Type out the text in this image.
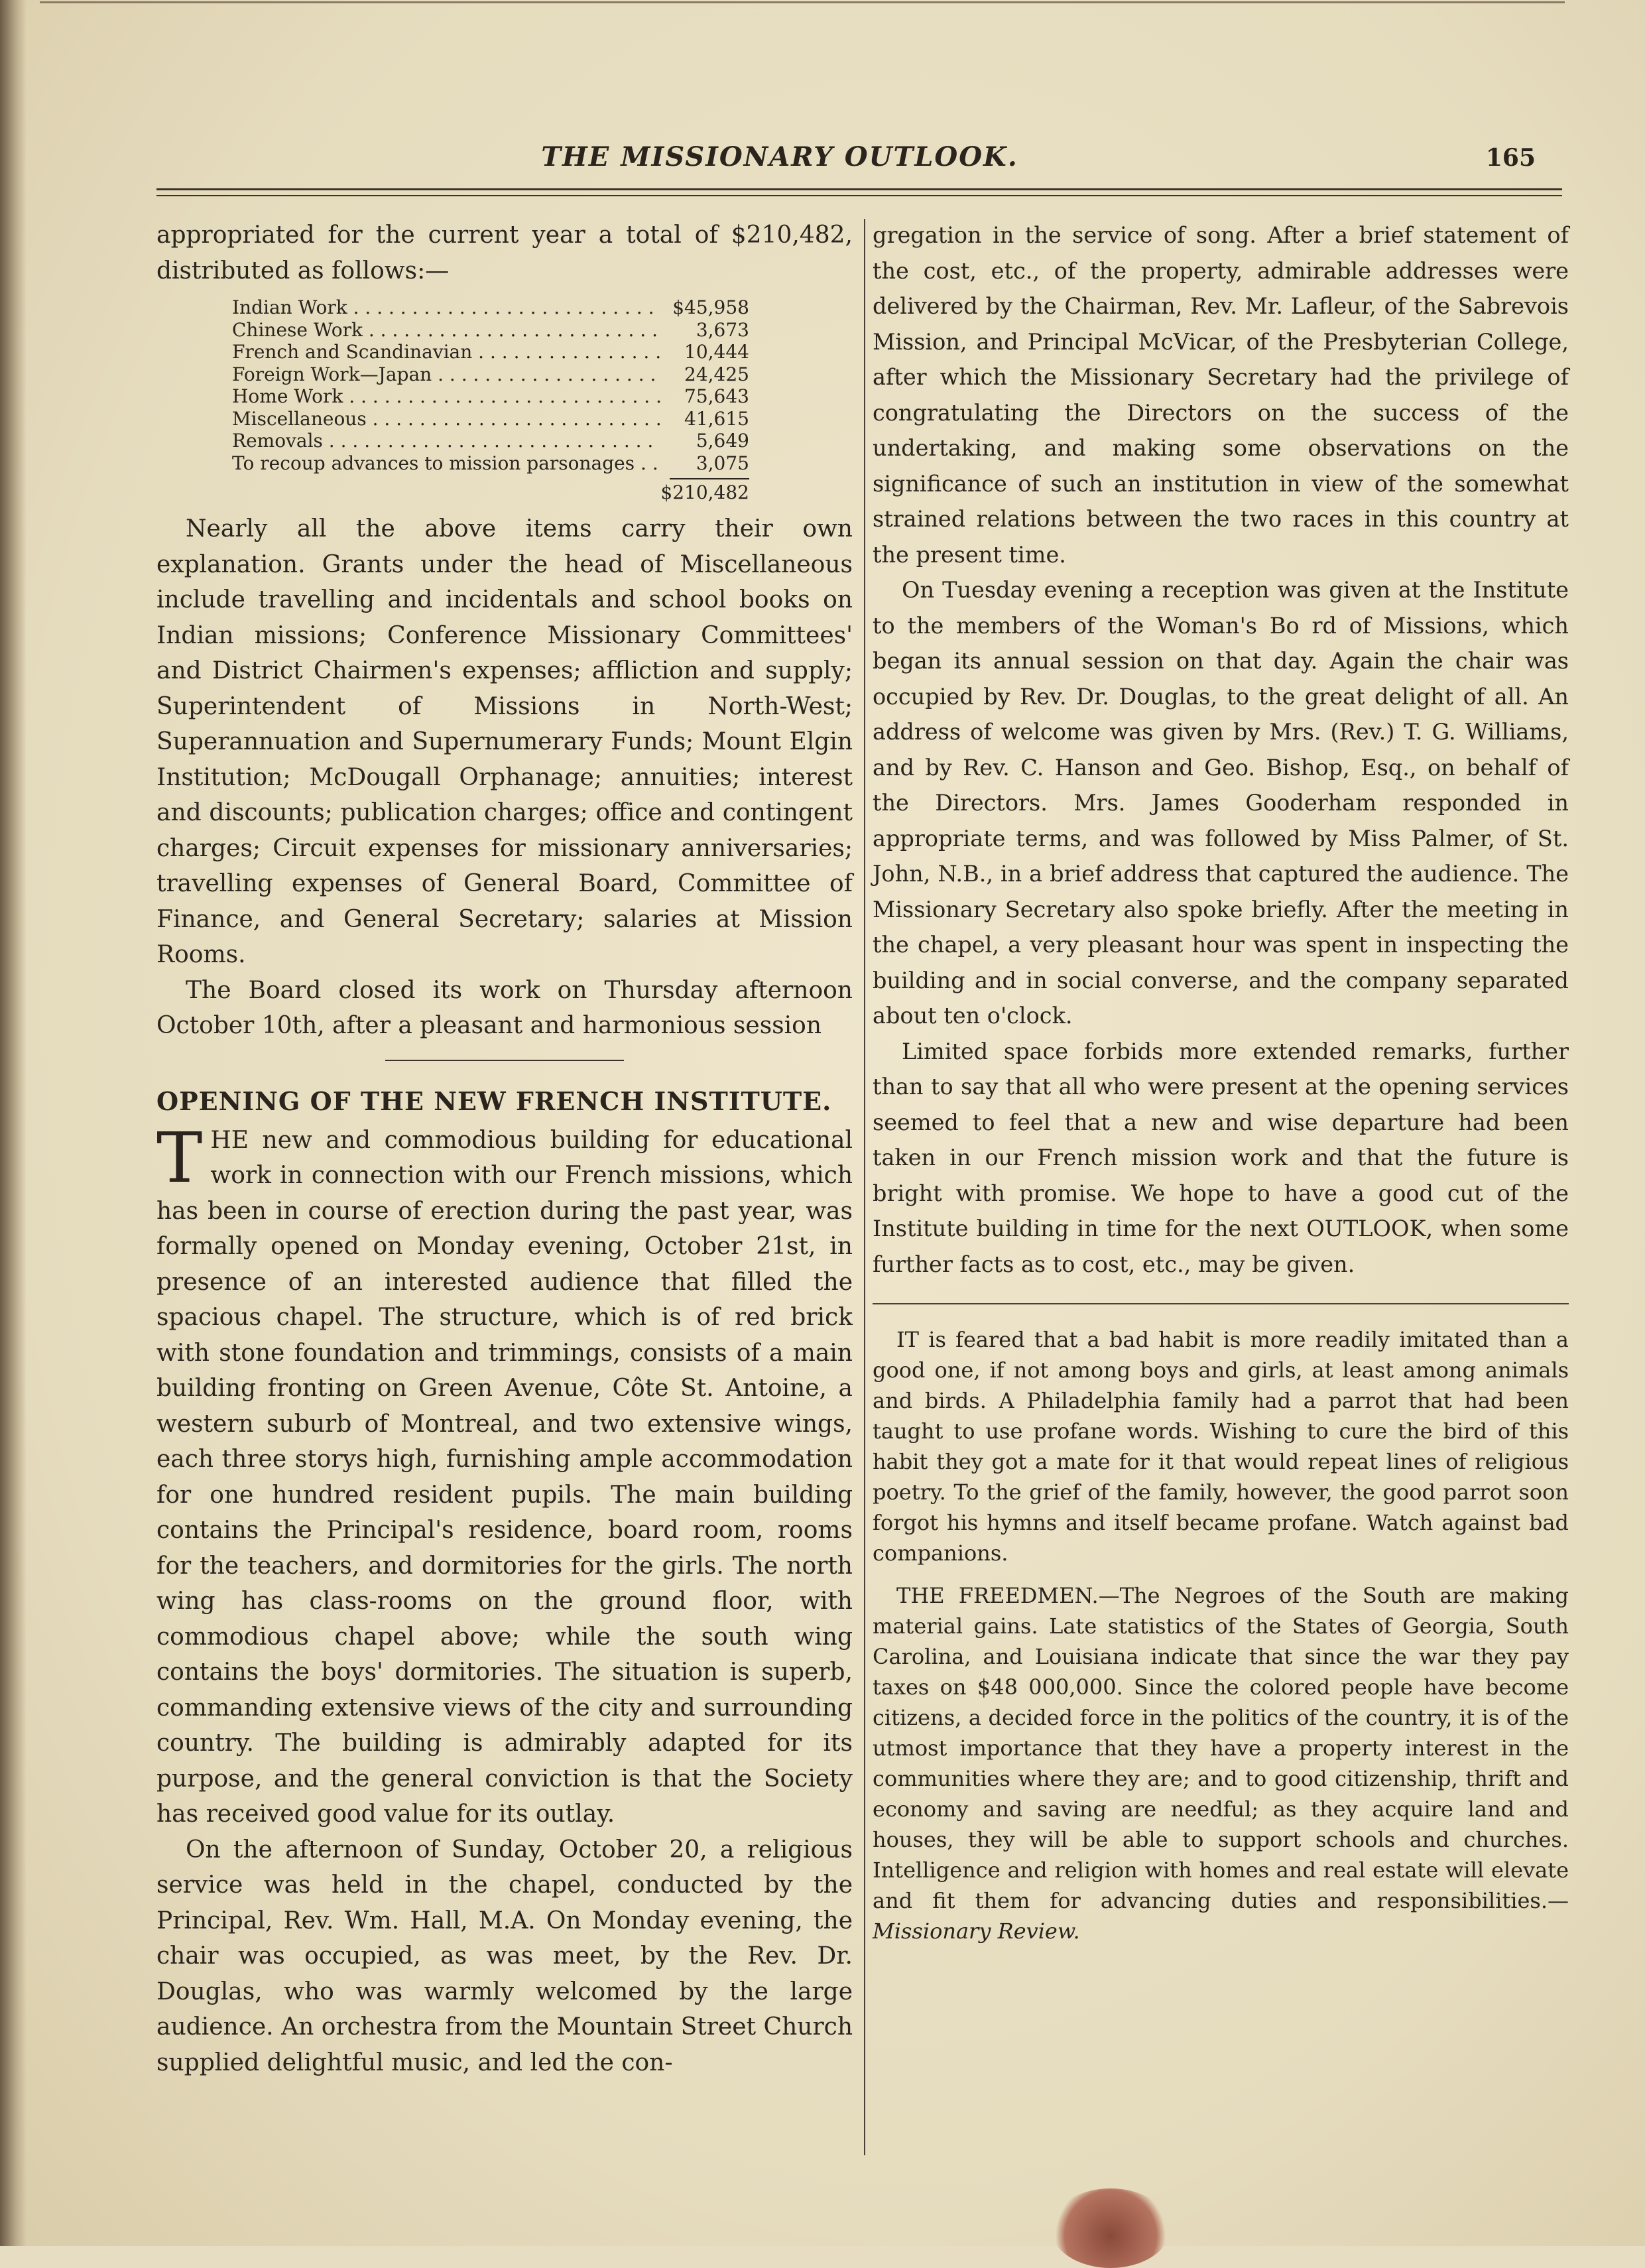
THE MISSIONARY OUTLOOK.	165

appropriated for the current year a total of $210,482, distributed as follows:—

Indian Work . . .	$45,958
Chinese Work . . .	3,673
French and Scandinavian . . .	10,444
Foreign Work—Japan . . .	24,425
Home Work . . .	75,643
Miscellaneous . . .	41,615
Removals . . .	5,649
To recoup advances to mission parsonages . . .	3,075
$210,482

Nearly all the above items carry their own explanation. Grants under the head of Miscellaneous include travelling and incidentals and school books on Indian missions; Conference Missionary Committees' and District Chairmen's expenses; affliction and supply; Superintendent of Missions in North-West; Superannuation and Supernumerary Funds; Mount Elgin Institution; McDougall Orphanage; annuities; interest and discounts; publication charges; office and contingent charges; Circuit expenses for missionary anniversaries; travelling expenses of General Board, Committee of Finance, and General Secretary; salaries at Mission Rooms.

The Board closed its work on Thursday afternoon October 10th, after a pleasant and harmonious session

OPENING OF THE NEW FRENCH INSTITUTE.

THE new and commodious building for educational work in connection with our French missions, which has been in course of erection during the past year, was formally opened on Monday evening, October 21st, in presence of an interested audience that filled the spacious chapel. The structure, which is of red brick with stone foundation and trimmings, consists of a main building fronting on Green Avenue, Côte St. Antoine, a western suburb of Montreal, and two extensive wings, each three storys high, furnishing ample accommodation for one hundred resident pupils. The main building contains the Principal's residence, board room, rooms for the teachers, and dormitories for the girls. The north wing has class-rooms on the ground floor, with commodious chapel above; while the south wing contains the boys' dormitories. The situation is superb, commanding extensive views of the city and surrounding country. The building is admirably adapted for its purpose, and the general conviction is that the Society has received good value for its outlay.

On the afternoon of Sunday, October 20, a religious service was held in the chapel, conducted by the Principal, Rev. Wm. Hall, M.A. On Monday evening, the chair was occupied, as was meet, by the Rev. Dr. Douglas, who was warmly welcomed by the large audience. An orchestra from the Mountain Street Church supplied delightful music, and led the con-

gregation in the service of song. After a brief statement of the cost, etc., of the property, admirable addresses were delivered by the Chairman, Rev. Mr. Lafleur, of the Sabrevois Mission, and Principal McVicar, of the Presbyterian College, after which the Missionary Secretary had the privilege of congratulating the Directors on the success of the undertaking, and making some observations on the significance of such an institution in view of the somewhat strained relations between the two races in this country at the present time.

On Tuesday evening a reception was given at the Institute to the members of the Woman's Bo rd of Missions, which began its annual session on that day. Again the chair was occupied by Rev. Dr. Douglas, to the great delight of all. An address of welcome was given by Mrs. (Rev.) T. G. Williams, and by Rev. C. Hanson and Geo. Bishop, Esq., on behalf of the Directors. Mrs. James Gooderham responded in appropriate terms, and was followed by Miss Palmer, of St. John, N.B., in a brief address that captured the audience. The Missionary Secretary also spoke briefly. After the meeting in the chapel, a very pleasant hour was spent in inspecting the building and in social converse, and the company separated about ten o'clock.

Limited space forbids more extended remarks, further than to say that all who were present at the opening services seemed to feel that a new and wise departure had been taken in our French mission work and that the future is bright with promise. We hope to have a good cut of the Institute building in time for the next OUTLOOK, when some further facts as to cost, etc., may be given.

IT is feared that a bad habit is more readily imitated than a good one, if not among boys and girls, at least among animals and birds. A Philadelphia family had a parrot that had been taught to use profane words. Wishing to cure the bird of this habit they got a mate for it that would repeat lines of religious poetry. To the grief of the family, however, the good parrot soon forgot his hymns and itself became profane. Watch against bad companions.

THE FREEDMEN.—The Negroes of the South are making material gains. Late statistics of the States of Georgia, South Carolina, and Louisiana indicate that since the war they pay taxes on $48 000,000. Since the colored people have become citizens, a decided force in the politics of the country, it is of the utmost importance that they have a property interest in the communities where they are; and to good citizenship, thrift and economy and saving are needful; as they acquire land and houses, they will be able to support schools and churches. Intelligence and religion with homes and real estate will elevate and fit them for advancing duties and responsibilities.—Missionary Review.
